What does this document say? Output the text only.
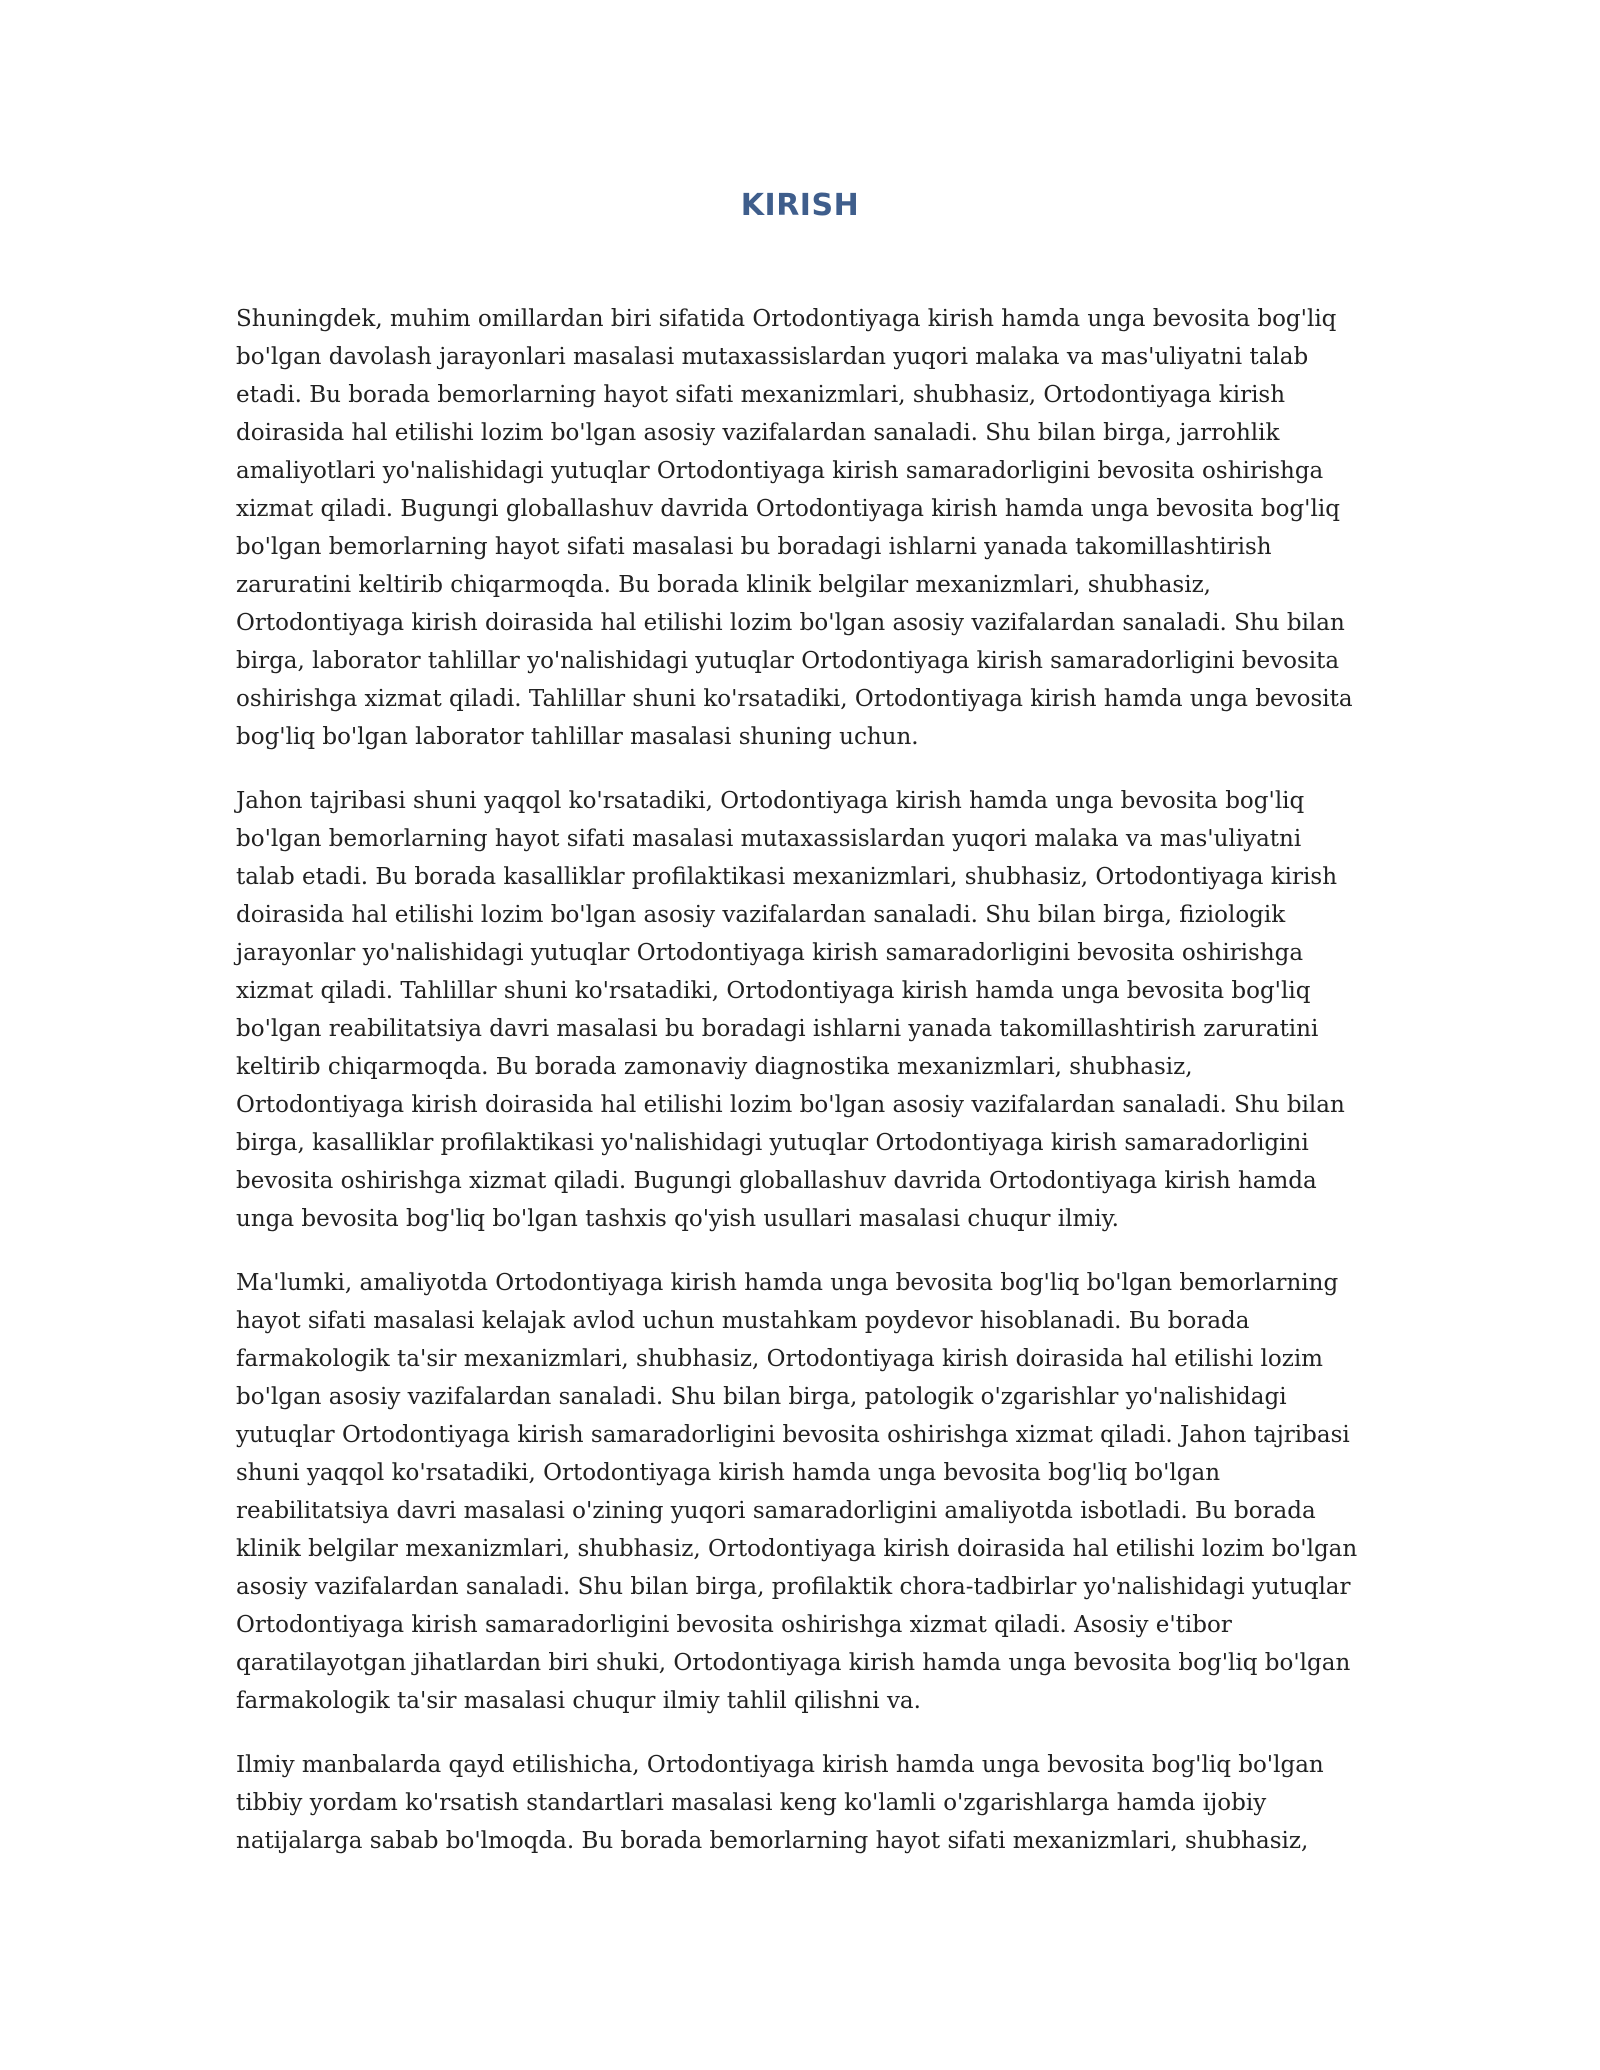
KIRISH

Shuningdek, muhim omillardan biri sifatida Ortodontiyaga kirish hamda unga bevosita bog'liq bo'lgan davolash jarayonlari masalasi mutaxassislardan yuqori malaka va mas'uliyatni talab etadi. Bu borada bemorlarning hayot sifati mexanizmlari, shubhasiz, Ortodontiyaga kirish doirasida hal etilishi lozim bo'lgan asosiy vazifalardan sanaladi. Shu bilan birga, jarrohlik amaliyotlari yo'nalishidagi yutuqlar Ortodontiyaga kirish samaradorligini bevosita oshirishga xizmat qiladi. Bugungi globallashuv davrida Ortodontiyaga kirish hamda unga bevosita bog'liq bo'lgan bemorlarning hayot sifati masalasi bu boradagi ishlarni yanada takomillashtirish zaruratini keltirib chiqarmoqda. Bu borada klinik belgilar mexanizmlari, shubhasiz, Ortodontiyaga kirish doirasida hal etilishi lozim bo'lgan asosiy vazifalardan sanaladi. Shu bilan birga, laborator tahlillar yo'nalishidagi yutuqlar Ortodontiyaga kirish samaradorligini bevosita oshirishga xizmat qiladi. Tahlillar shuni ko'rsatadiki, Ortodontiyaga kirish hamda unga bevosita bog'liq bo'lgan laborator tahlillar masalasi shuning uchun.

Jahon tajribasi shuni yaqqol ko'rsatadiki, Ortodontiyaga kirish hamda unga bevosita bog'liq bo'lgan bemorlarning hayot sifati masalasi mutaxassislardan yuqori malaka va mas'uliyatni talab etadi. Bu borada kasalliklar profilaktikasi mexanizmlari, shubhasiz, Ortodontiyaga kirish doirasida hal etilishi lozim bo'lgan asosiy vazifalardan sanaladi. Shu bilan birga, fiziologik jarayonlar yo'nalishidagi yutuqlar Ortodontiyaga kirish samaradorligini bevosita oshirishga xizmat qiladi. Tahlillar shuni ko'rsatadiki, Ortodontiyaga kirish hamda unga bevosita bog'liq bo'lgan reabilitatsiya davri masalasi bu boradagi ishlarni yanada takomillashtirish zaruratini keltirib chiqarmoqda. Bu borada zamonaviy diagnostika mexanizmlari, shubhasiz, Ortodontiyaga kirish doirasida hal etilishi lozim bo'lgan asosiy vazifalardan sanaladi. Shu bilan birga, kasalliklar profilaktikasi yo'nalishidagi yutuqlar Ortodontiyaga kirish samaradorligini bevosita oshirishga xizmat qiladi. Bugungi globallashuv davrida Ortodontiyaga kirish hamda unga bevosita bog'liq bo'lgan tashxis qo'yish usullari masalasi chuqur ilmiy.

Ma'lumki, amaliyotda Ortodontiyaga kirish hamda unga bevosita bog'liq bo'lgan bemorlarning hayot sifati masalasi kelajak avlod uchun mustahkam poydevor hisoblanadi. Bu borada farmakologik ta'sir mexanizmlari, shubhasiz, Ortodontiyaga kirish doirasida hal etilishi lozim bo'lgan asosiy vazifalardan sanaladi. Shu bilan birga, patologik o'zgarishlar yo'nalishidagi yutuqlar Ortodontiyaga kirish samaradorligini bevosita oshirishga xizmat qiladi. Jahon tajribasi shuni yaqqol ko'rsatadiki, Ortodontiyaga kirish hamda unga bevosita bog'liq bo'lgan reabilitatsiya davri masalasi o'zining yuqori samaradorligini amaliyotda isbotladi. Bu borada klinik belgilar mexanizmlari, shubhasiz, Ortodontiyaga kirish doirasida hal etilishi lozim bo'lgan asosiy vazifalardan sanaladi. Shu bilan birga, profilaktik chora-tadbirlar yo'nalishidagi yutuqlar Ortodontiyaga kirish samaradorligini bevosita oshirishga xizmat qiladi. Asosiy e'tibor qaratilayotgan jihatlardan biri shuki, Ortodontiyaga kirish hamda unga bevosita bog'liq bo'lgan farmakologik ta'sir masalasi chuqur ilmiy tahlil qilishni va.

Ilmiy manbalarda qayd etilishicha, Ortodontiyaga kirish hamda unga bevosita bog'liq bo'lgan tibbiy yordam ko'rsatish standartlari masalasi keng ko'lamli o'zgarishlarga hamda ijobiy natijalarga sabab bo'lmoqda. Bu borada bemorlarning hayot sifati mexanizmlari, shubhasiz,
